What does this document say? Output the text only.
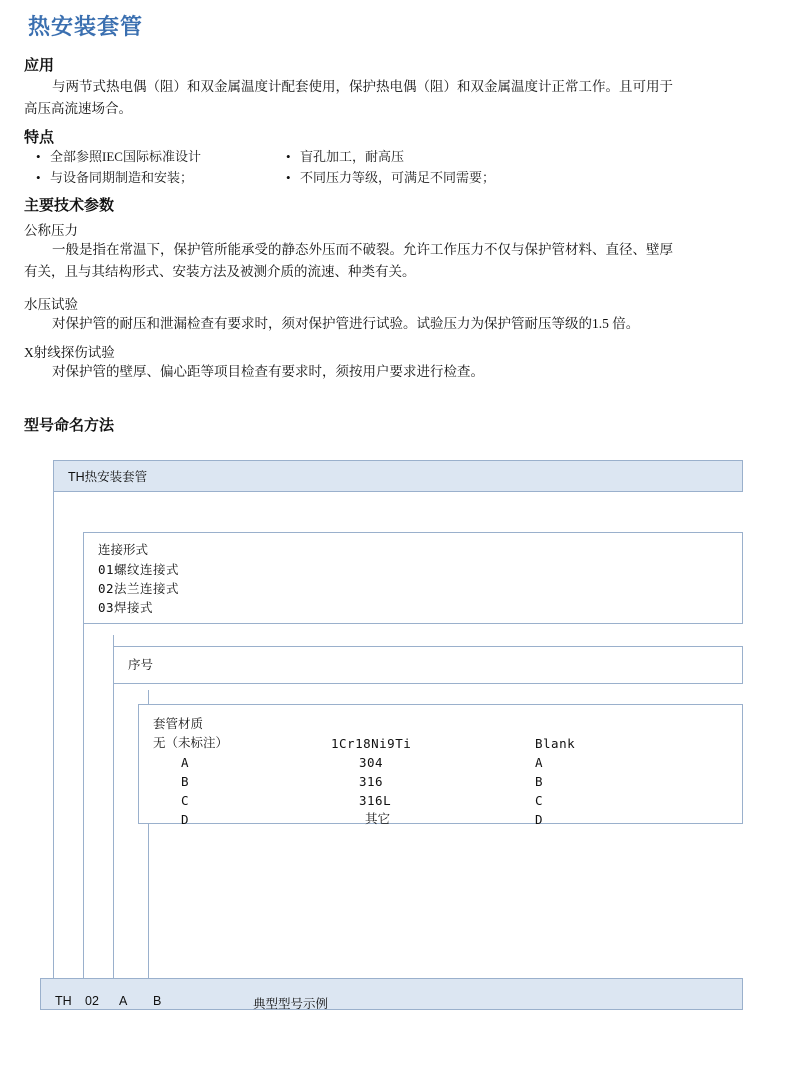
热安装套管
应用
与两节式热电偶（阻）和双金属温度计配套使用，保护热电偶（阻）和双金属温度计正常工作。且可用于高压高流速场合。
特点
• 全部参照IEC国际标准设计	• 盲孔加工，耐高压
• 与设备同期制造和安装；	• 不同压力等级，可满足不同需要；
主要技术参数
公称压力
一般是指在常温下，保护管所能承受的静态外压而不破裂。允许工作压力不仅与保护管材料、直径、壁厚有关，且与其结构形式、安装方法及被测介质的流速、种类有关。
水压试验
对保护管的耐压和泄漏检查有要求时，须对保护管进行试验。试验压力为保护管耐压等级的1.5 倍。
X射线探伤试验
对保护管的壁厚、偏心距等项目检查有要求时，须按用户要求进行检查。
型号命名方法
TH热安装套管
连接形式
01螺纹连接式
02法兰连接式
03焊接式
序号
套管材质		
无（未标注）	1Cr18Ni9Ti	Blank
A	304	A
B	316	B
C	316L	C
D	其它	D
TH 02 A B	典型型号示例
